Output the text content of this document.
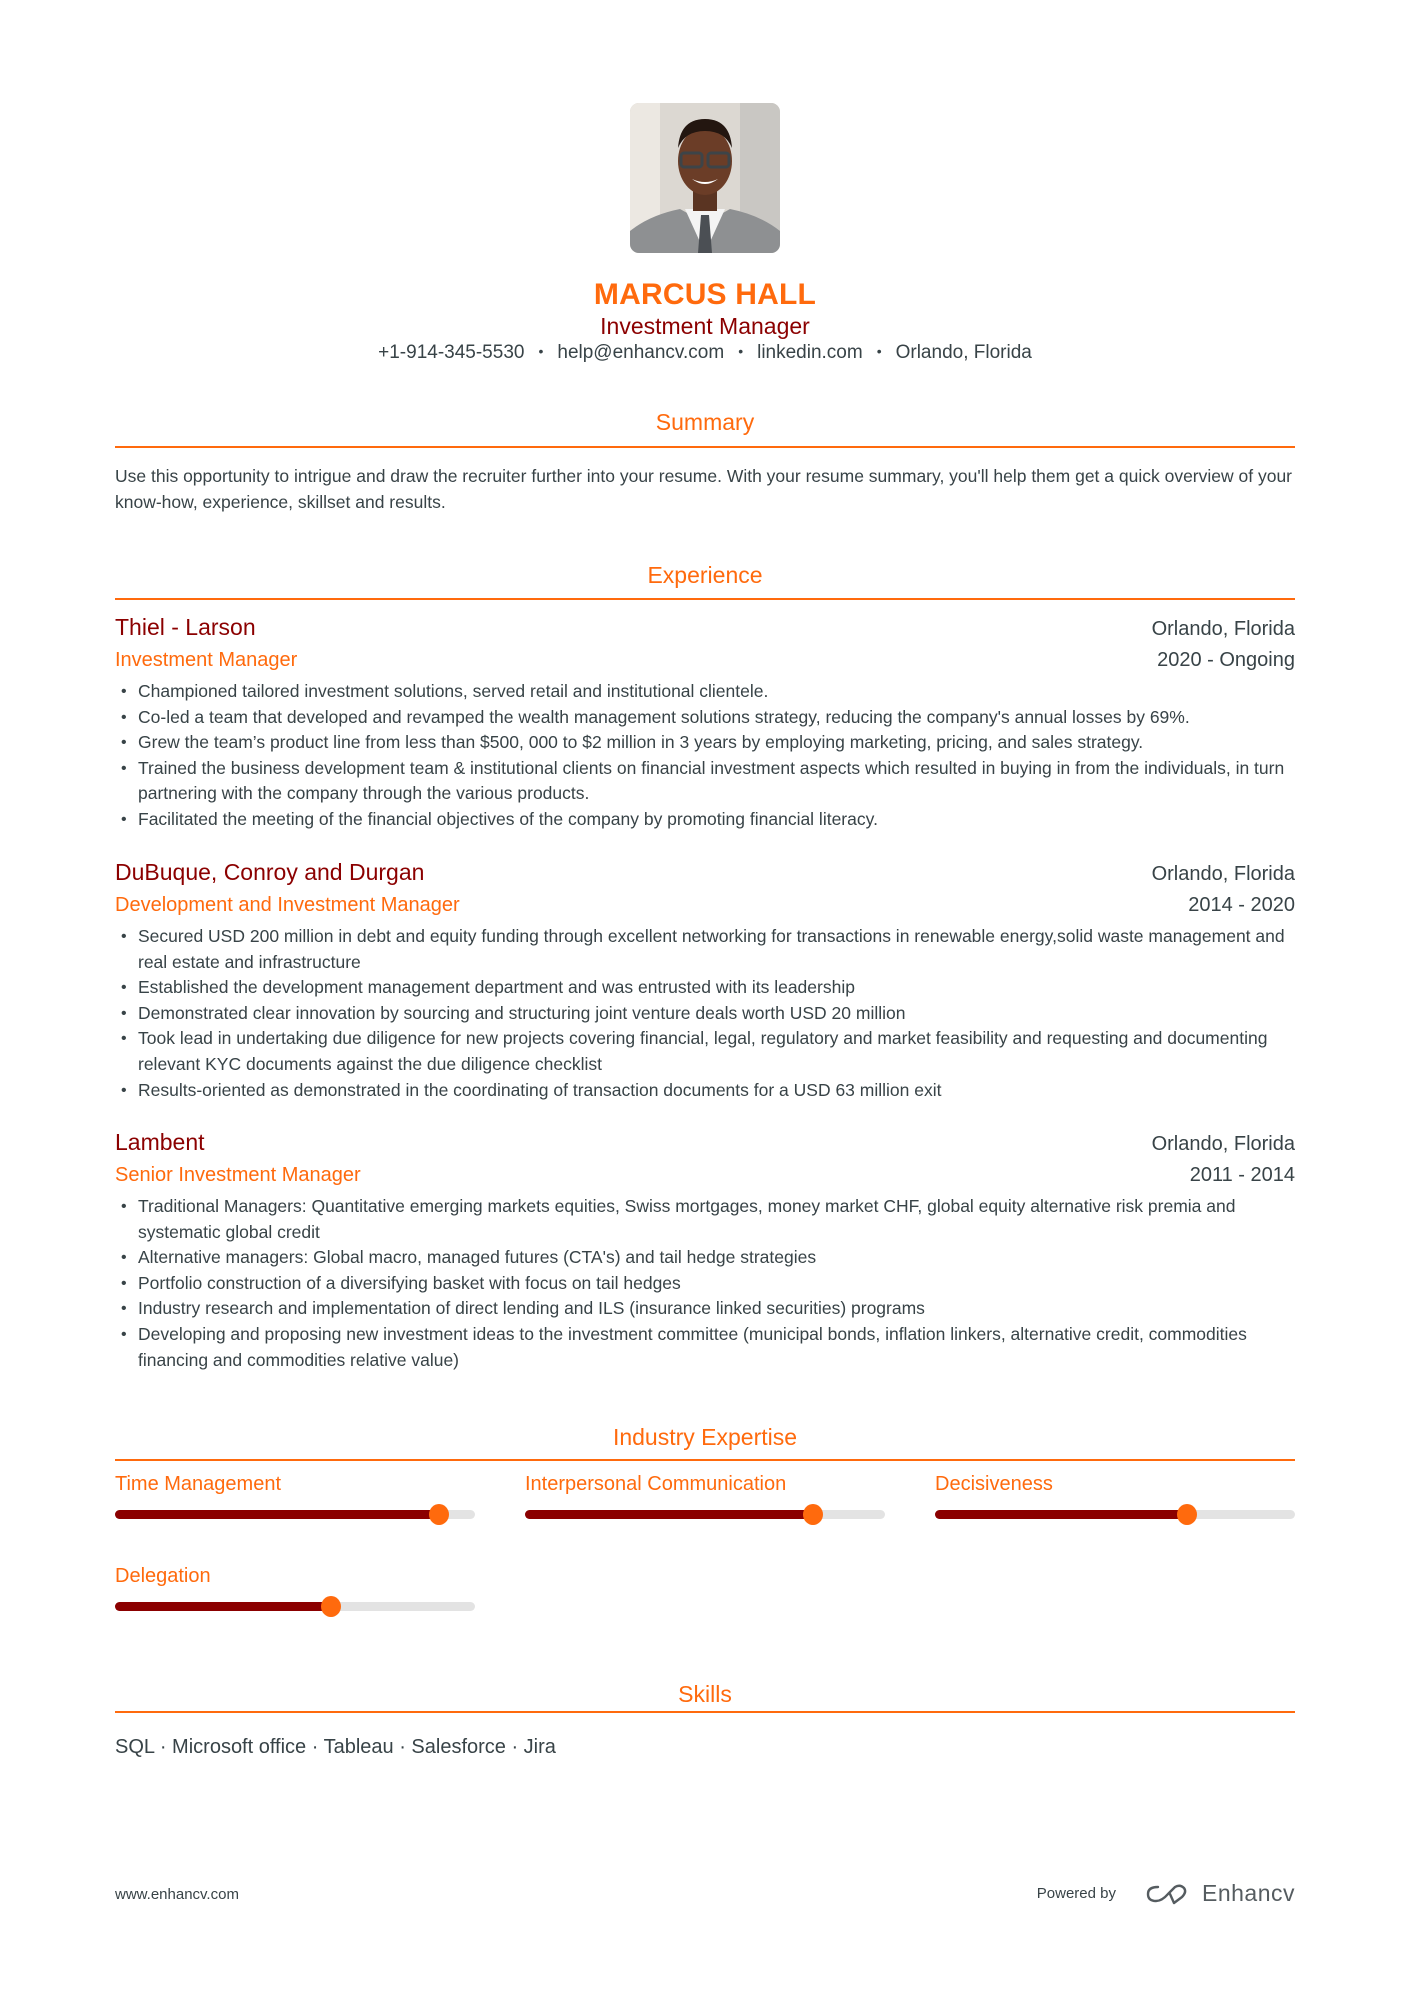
MARCUS HALL
Investment Manager
+1-914-345-5530 • help@enhancv.com • linkedin.com • Orlando, Florida
Summary
Use this opportunity to intrigue and draw the recruiter further into your resume. With your resume summary, you'll help them get a quick overview of your know-how, experience, skillset and results.
Experience
Thiel - Larson	Orlando, Florida
Investment Manager	2020 - Ongoing
• Championed tailored investment solutions, served retail and institutional clientele.
• Co-led a team that developed and revamped the wealth management solutions strategy, reducing the company's annual losses by 69%.
• Grew the team’s product line from less than $500, 000 to $2 million in 3 years by employing marketing, pricing, and sales strategy.
• Trained the business development team & institutional clients on financial investment aspects which resulted in buying in from the individuals, in turn partnering with the company through the various products.
• Facilitated the meeting of the financial objectives of the company by promoting financial literacy.
DuBuque, Conroy and Durgan	Orlando, Florida
Development and Investment Manager	2014 - 2020
• Secured USD 200 million in debt and equity funding through excellent networking for transactions in renewable energy,solid waste management and real estate and infrastructure
• Established the development management department and was entrusted with its leadership
• Demonstrated clear innovation by sourcing and structuring joint venture deals worth USD 20 million
• Took lead in undertaking due diligence for new projects covering financial, legal, regulatory and market feasibility and requesting and documenting relevant KYC documents against the due diligence checklist
• Results-oriented as demonstrated in the coordinating of transaction documents for a USD 63 million exit
Lambent	Orlando, Florida
Senior Investment Manager	2011 - 2014
• Traditional Managers: Quantitative emerging markets equities, Swiss mortgages, money market CHF, global equity alternative risk premia and systematic global credit
• Alternative managers: Global macro, managed futures (CTA's) and tail hedge strategies
• Portfolio construction of a diversifying basket with focus on tail hedges
• Industry research and implementation of direct lending and ILS (insurance linked securities) programs
• Developing and proposing new investment ideas to the investment committee (municipal bonds, inflation linkers, alternative credit, commodities financing and commodities relative value)
Industry Expertise
Time Management	Interpersonal Communication	Decisiveness
Delegation
Skills
SQL · Microsoft office · Tableau · Salesforce · Jira
www.enhancv.com	Powered by	Enhancv
